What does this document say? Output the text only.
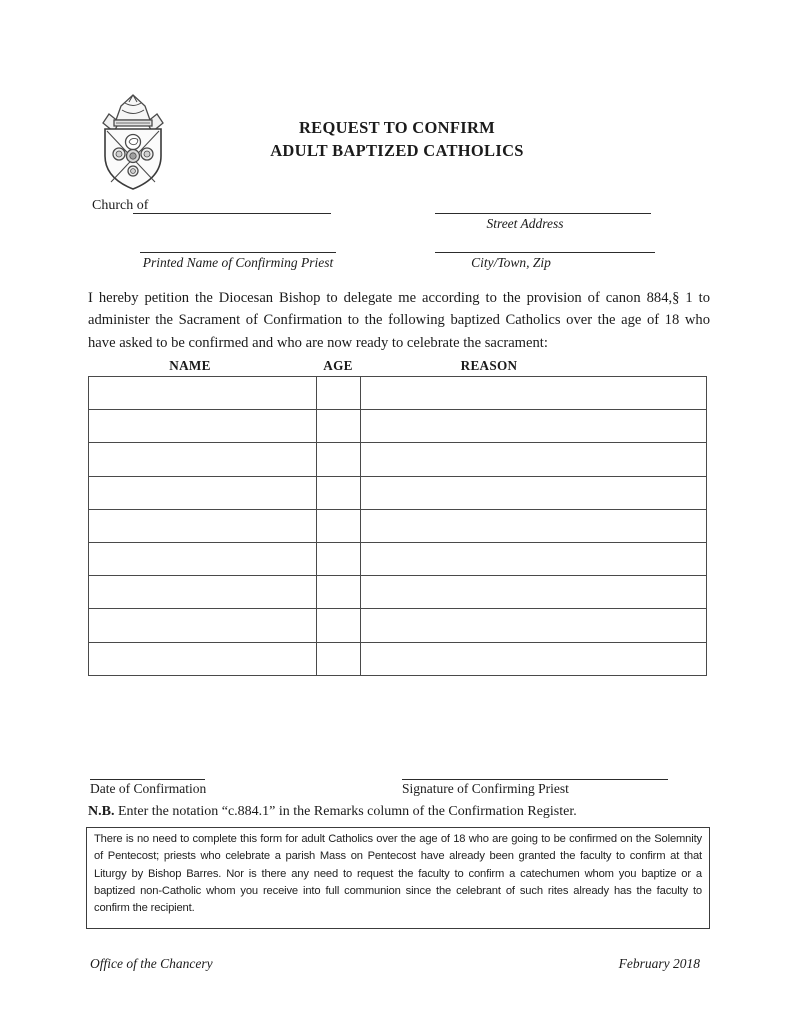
REQUEST TO CONFIRM
ADULT BAPTIZED CATHOLICS
Church of
Street Address
Printed Name of Confirming Priest	City/Town, Zip
I hereby petition the Diocesan Bishop to delegate me according to the provision of canon 884,§ 1 to administer the Sacrament of Confirmation to the following baptized Catholics over the age of 18 who have asked to be confirmed and who are now ready to celebrate the sacrament:
NAME	AGE	REASON

Date of Confirmation	Signature of Confirming Priest
N.B. Enter the notation “c.884.1” in the Remarks column of the Confirmation Register.
There is no need to complete this form for adult Catholics over the age of 18 who are going to be confirmed on the Solemnity of Pentecost; priests who celebrate a parish Mass on Pentecost have already been granted the faculty to confirm at that Liturgy by Bishop Barres. Nor is there any need to request the faculty to confirm a catechumen whom you baptize or a baptized non-Catholic whom you receive into full communion since the celebrant of such rites already has the faculty to confirm the recipient.
Office of the Chancery	February 2018
